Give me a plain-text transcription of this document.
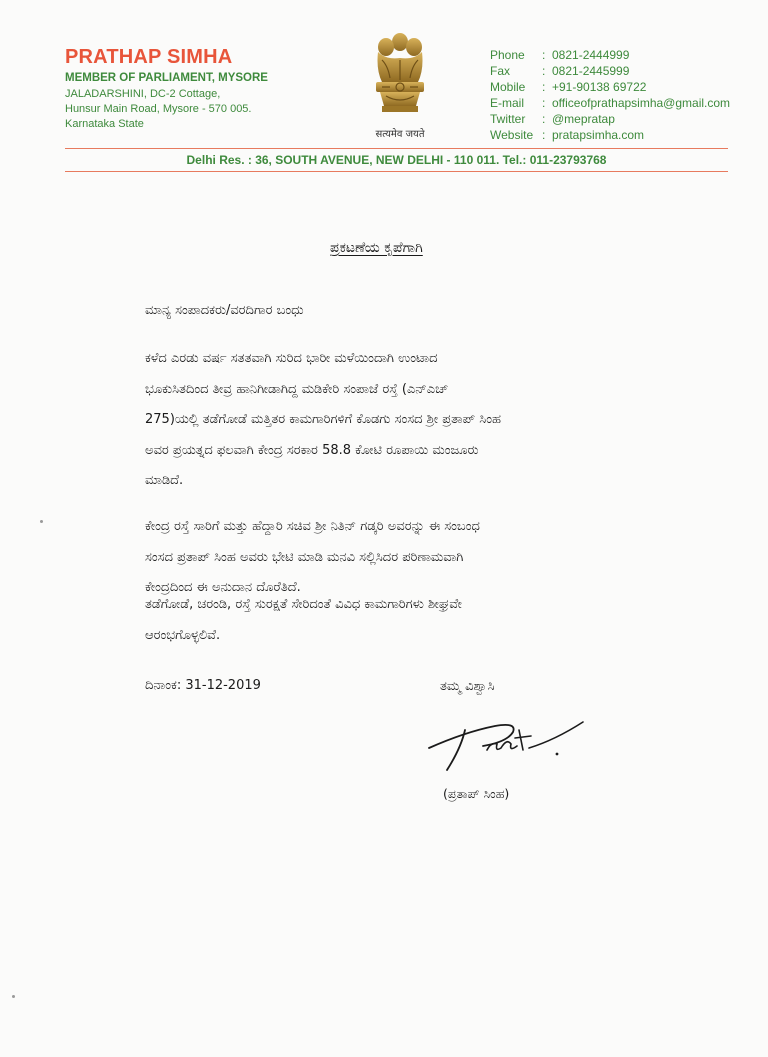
PRATHAP SIMHA
MEMBER OF PARLIAMENT, MYSORE
JALADARSHINI, DC-2 Cottage,
Hunsur Main Road, Mysore - 570 005.
Karnataka State
सत्यमेव जयते
Phone	: 0821-2444999
Fax	: 0821-2445999
Mobile	: +91-90138 69722
E-mail	: officeofprathapsimha@gmail.com
Twitter	: @mepratap
Website : pratapsimha.com
Delhi Res. : 36, SOUTH AVENUE, NEW DELHI - 110 011. Tel.: 011-23793768
ಪ್ರಕಟಣೆಯ ಕೃಪೆಗಾಗಿ
ಮಾನ್ಯ ಸಂಪಾದಕರು/ವರದಿಗಾರ ಬಂಧು
ಕಳೆದ ಎರಡು ವರ್ಷ ಸತತವಾಗಿ ಸುರಿದ ಭಾರೀ ಮಳೆಯಿಂದಾಗಿ ಉಂಟಾದ
ಭೂಕುಸಿತದಿಂದ ತೀವ್ರ ಹಾನಿಗೀಡಾಗಿದ್ದ ಮಡಿಕೇರಿ ಸಂಪಾಜೆ ರಸ್ತೆ (ಎನ್‌ಎಚ್
275)ಯಲ್ಲಿ ತಡೆಗೋಡೆ ಮತ್ತಿತರ ಕಾಮಗಾರಿಗಳಿಗೆ ಕೊಡಗು ಸಂಸದ ಶ್ರೀ ಪ್ರತಾಪ್ ಸಿಂಹ
ಅವರ ಪ್ರಯತ್ನದ ಫಲವಾಗಿ ಕೇಂದ್ರ ಸರಕಾರ 58.8 ಕೋಟಿ ರೂಪಾಯಿ ಮಂಜೂರು
ಮಾಡಿದೆ.
ಕೇಂದ್ರ ರಸ್ತೆ ಸಾರಿಗೆ ಮತ್ತು ಹೆದ್ದಾರಿ ಸಚಿವ ಶ್ರೀ ನಿತಿನ್ ಗಡ್ಕರಿ ಅವರನ್ನು ಈ ಸಂಬಂಧ
ಸಂಸದ ಪ್ರತಾಪ್ ಸಿಂಹ ಅವರು ಭೇಟಿ ಮಾಡಿ ಮನವಿ ಸಲ್ಲಿಸಿದರ ಪರಿಣಾಮವಾಗಿ
ಕೇಂದ್ರದಿಂದ ಈ ಅನುದಾನ ದೊರೆತಿದೆ.
ತಡೆಗೋಡೆ, ಚರಂಡಿ, ರಸ್ತೆ ಸುರಕ್ಷತೆ ಸೇರಿದಂತೆ ವಿವಿಧ ಕಾಮಗಾರಿಗಳು ಶೀಘ್ರವೇ
ಆರಂಭಗೊಳ್ಳಲಿವೆ.
ದಿನಾಂಕ: 31-12-2019	ತಮ್ಮ ವಿಶ್ವಾಸಿ
(ಪ್ರತಾಪ್ ಸಿಂಹ)
